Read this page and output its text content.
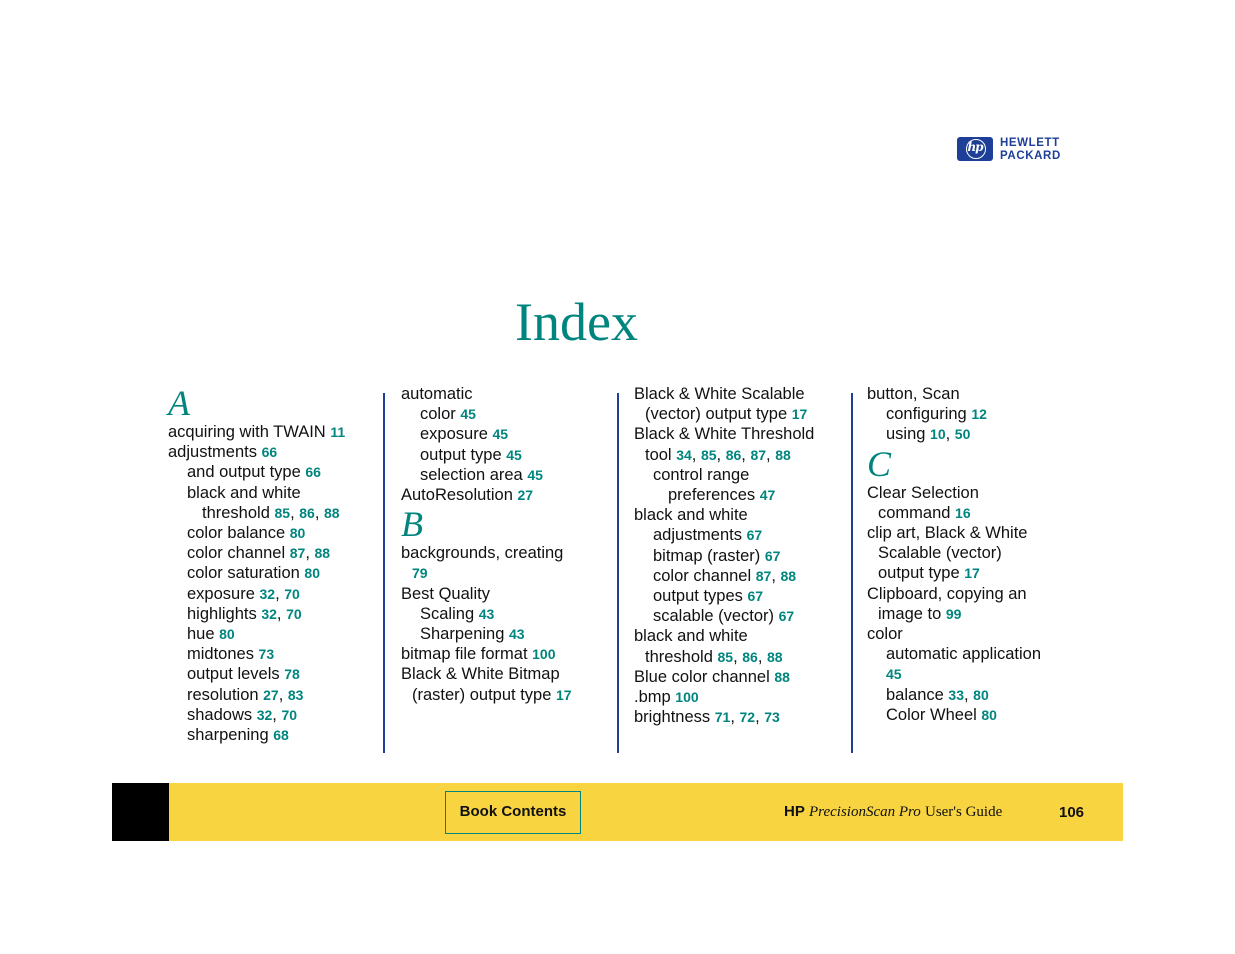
hp	HEWLETT
PACKARD
Index
A
acquiring with TWAIN 11
adjustments 66
and output type 66
black and white
threshold 85, 86, 88
color balance 80
color channel 87, 88
color saturation 80
exposure 32, 70
highlights 32, 70
hue 80
midtones 73
output levels 78
resolution 27, 83
shadows 32, 70
sharpening 68
automatic
color 45
exposure 45
output type 45
selection area 45
AutoResolution 27
B
backgrounds, creating
79
Best Quality
Scaling 43
Sharpening 43
bitmap file format 100
Black & White Bitmap
(raster) output type 17
Black & White Scalable
(vector) output type 17
Black & White Threshold
tool 34, 85, 86, 87, 88
control range
preferences 47
black and white
adjustments 67
bitmap (raster) 67
color channel 87, 88
output types 67
scalable (vector) 67
black and white
threshold 85, 86, 88
Blue color channel 88
.bmp 100
brightness 71, 72, 73
button, Scan
configuring 12
using 10, 50
C
Clear Selection
command 16
clip art, Black & White
Scalable (vector)
output type 17
Clipboard, copying an
image to 99
color
automatic application
45
balance 33, 80
Color Wheel 80
Book Contents	HP PrecisionScan Pro User's Guide	106
